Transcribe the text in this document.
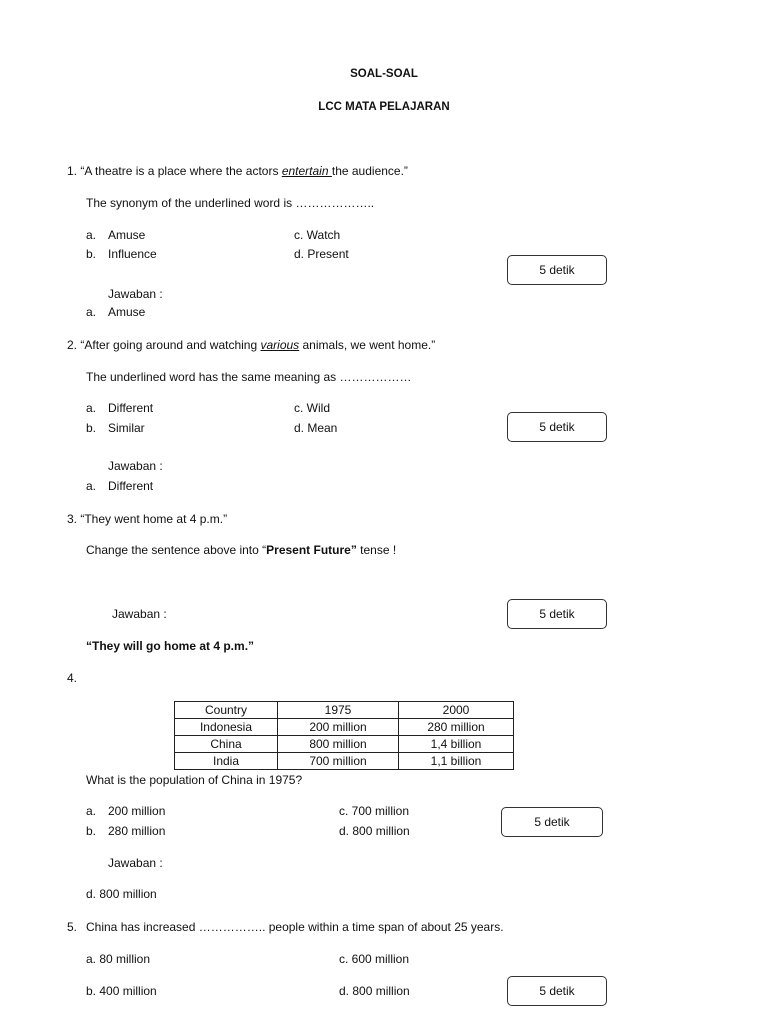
SOAL-SOAL
LCC MATA PELAJARAN
1. “A theatre is a place where the actors entertain the audience.”
The synonym of the underlined word is ………………..
a. Amuse
b. Influence
c. Watch
d. Present
5 detik
Jawaban :
a. Amuse
2. “After going around and watching various animals, we went home.”
The underlined word has the same meaning as ………………
a. Different
b. Similar
c. Wild
d. Mean	5 detik
Jawaban :
a. Different
3. “They went home at 4 p.m.”
Change the sentence above into “Present Future” tense !
5 detik
Jawaban :
“They will go home at 4 p.m.”
4.
Country	1975	2000
Indonesia	200 million	280 million
China	800 million	1,4 billion
India	700 million	1,1 billion
What is the population of China in 1975?
a. 200 million
b. 280 million
c. 700 million
d. 800 million
5 detik
Jawaban :
d. 800 million
5. China has increased …………….. people within a time span of about 25 years.
a. 80 million
b. 400 million
c. 600 million
d. 800 million	5 detik
